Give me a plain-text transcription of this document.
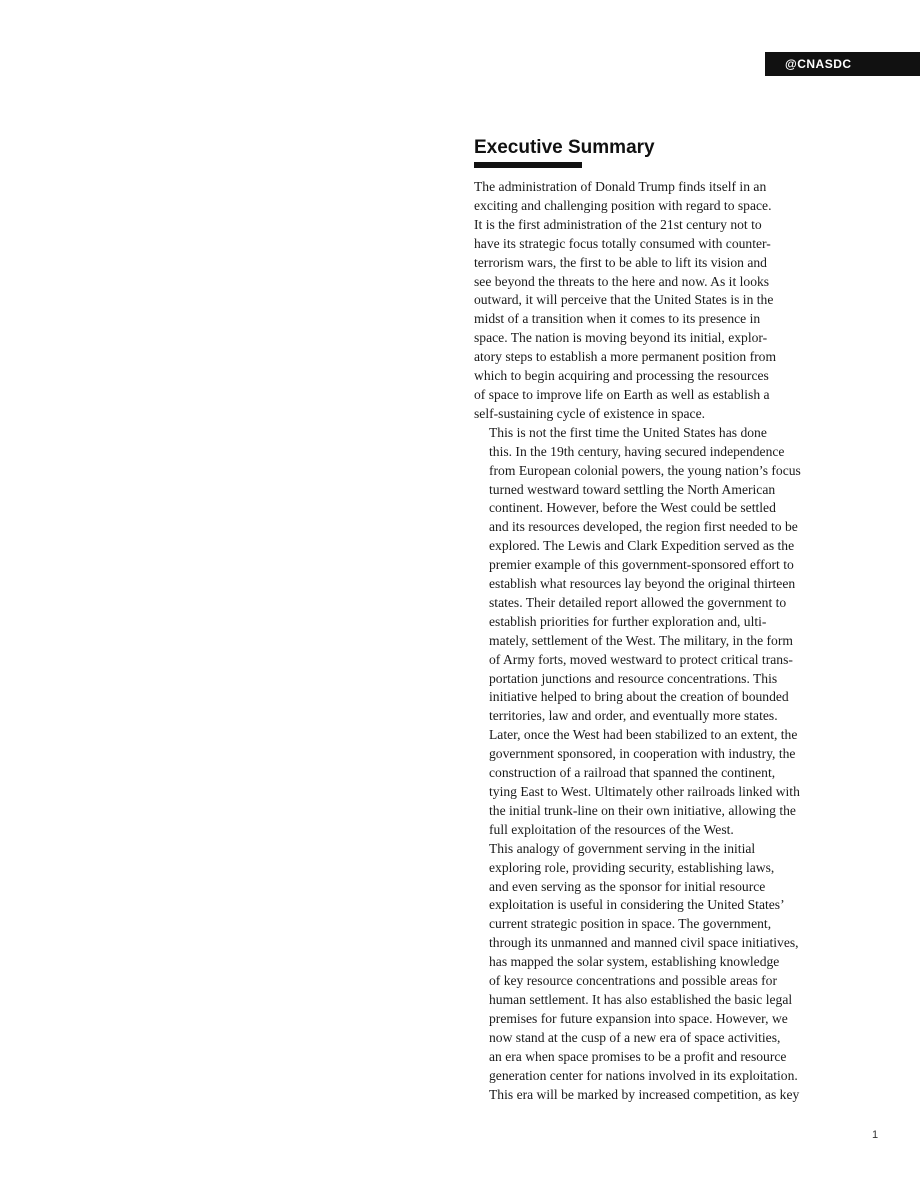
@CNASDC
Executive Summary

The administration of Donald Trump finds itself in an
exciting and challenging position with regard to space.
It is the first administration of the 21st century not to
have its strategic focus totally consumed with counter-
terrorism wars, the first to be able to lift its vision and
see beyond the threats to the here and now. As it looks
outward, it will perceive that the United States is in the
midst of a transition when it comes to its presence in
space. The nation is moving beyond its initial, explor-
atory steps to establish a more permanent position from
which to begin acquiring and processing the resources
of space to improve life on Earth as well as establish a
self-sustaining cycle of existence in space.

This is not the first time the United States has done
this. In the 19th century, having secured independence
from European colonial powers, the young nation’s focus
turned westward toward settling the North American
continent. However, before the West could be settled
and its resources developed, the region first needed to be
explored. The Lewis and Clark Expedition served as the
premier example of this government-sponsored effort to
establish what resources lay beyond the original thirteen
states. Their detailed report allowed the government to
establish priorities for further exploration and, ulti-
mately, settlement of the West. The military, in the form
of Army forts, moved westward to protect critical trans-
portation junctions and resource concentrations. This
initiative helped to bring about the creation of bounded
territories, law and order, and eventually more states.
Later, once the West had been stabilized to an extent, the
government sponsored, in cooperation with industry, the
construction of a railroad that spanned the continent,
tying East to West. Ultimately other railroads linked with
the initial trunk-line on their own initiative, allowing the
full exploitation of the resources of the West.

This analogy of government serving in the initial
exploring role, providing security, establishing laws,
and even serving as the sponsor for initial resource
exploitation is useful in considering the United States’
current strategic position in space. The government,
through its unmanned and manned civil space initiatives,
has mapped the solar system, establishing knowledge
of key resource concentrations and possible areas for
human settlement. It has also established the basic legal
premises for future expansion into space. However, we
now stand at the cusp of a new era of space activities,
an era when space promises to be a profit and resource
generation center for nations involved in its exploitation.
This era will be marked by increased competition, as key

1
